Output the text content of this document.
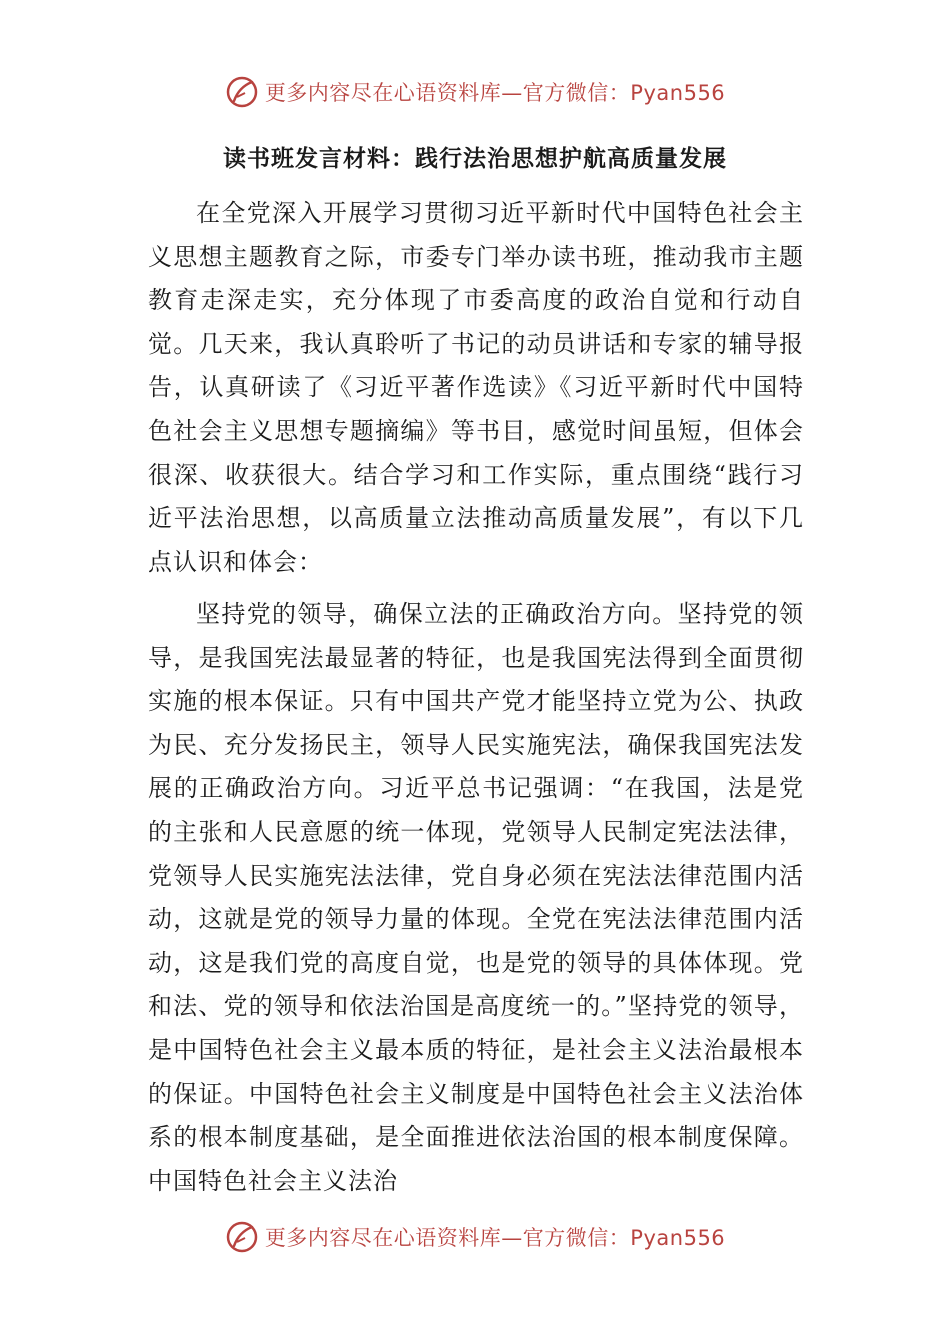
更多内容尽在心语资料库—官方微信：Pyan556
读书班发言材料：践行法治思想护航高质量发展

在全党深入开展学习贯彻习近平新时代中国特色社会主义思想主题教育之际，市委专门举办读书班，推动我市主题教育走深走实，充分体现了市委高度的政治自觉和行动自觉。几天来，我认真聆听了书记的动员讲话和专家的辅导报告，认真研读了《习近平著作选读》《习近平新时代中国特色社会主义思想专题摘编》等书目，感觉时间虽短，但体会很深、收获很大。结合学习和工作实际，重点围绕“践行习近平法治思想，以高质量立法推动高质量发展”，有以下几点认识和体会：

坚持党的领导，确保立法的正确政治方向。坚持党的领导，是我国宪法最显著的特征，也是我国宪法得到全面贯彻实施的根本保证。只有中国共产党才能坚持立党为公、执政为民、充分发扬民主，领导人民实施宪法，确保我国宪法发展的正确政治方向。习近平总书记强调：“在我国，法是党的主张和人民意愿的统一体现，党领导人民制定宪法法律，党领导人民实施宪法法律，党自身必须在宪法法律范围内活动，这就是党的领导力量的体现。全党在宪法法律范围内活动，这是我们党的高度自觉，也是党的领导的具体体现。党和法、党的领导和依法治国是高度统一的。”坚持党的领导，是中国特色社会主义最本质的特征，是社会主义法治最根本的保证。中国特色社会主义制度是中国特色社会主义法治体系的根本制度基础，是全面推进依法治国的根本制度保障。中国特色社会主义法治

更多内容尽在心语资料库—官方微信：Pyan556
